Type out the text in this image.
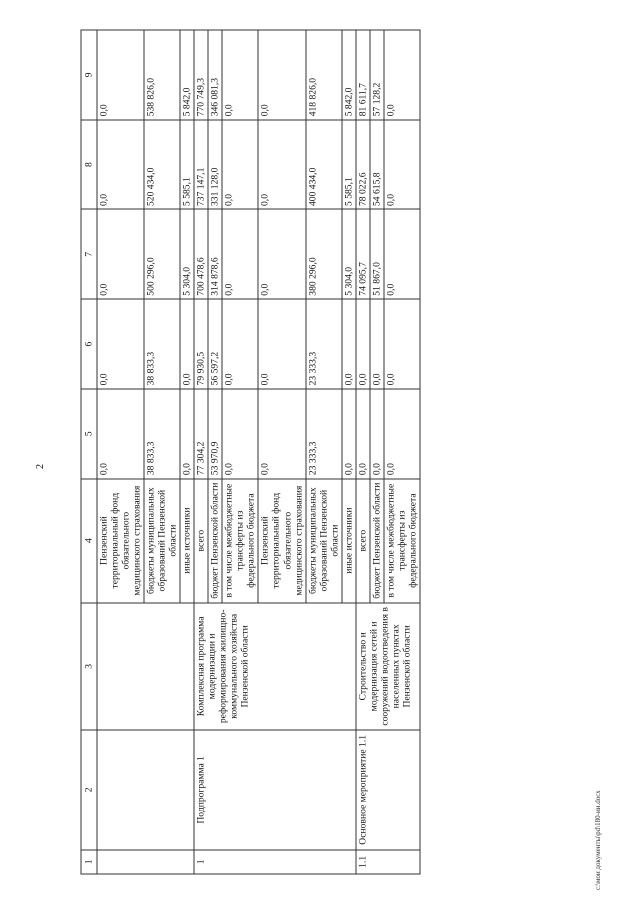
2
1	2	3	4	5	6	7	8	9
			Пензенский территориальный фонд обязательного медицинского страхования	0,0	0,0	0,0	0,0	0,0
			бюджеты муниципальных образований Пензенской области	38 833,3	38 833,3	500 296,0	520 434,0	538 826,0
			иные источники	0,0	0,0	5 304,0	5 585,1	5 842,0
1	Подпрограмма 1	Комплексная программа модернизации и реформирования жилищно-коммунального хозяйства Пензенской области	всего	77 304,2	79 930,5	700 478,6	737 147,1	770 749,3
			бюджет Пензенской области	53 970,9	56 597,2	314 878,6	331 128,0	346 081,3
			в том числе межбюджетные трансферты из федерального бюджета	0,0	0,0	0,0	0,0	0,0
			Пензенский территориальный фонд обязательного медицинского страхования	0,0	0,0	0,0	0,0	0,0
			бюджеты муниципальных образований Пензенской области	23 333,3	23 333,3	380 296,0	400 434,0	418 826,0
			иные источники	0,0	0,0	5 304,0	5 585,1	5 842,0
1.1	Основное мероприятие 1.1	Строительство и модернизация сетей и сооружений водоотведения в населенных пунктах Пензенской области	всего	0,0	0,0	74 095,7	78 022,6	81 611,7
			бюджет Пензенской области	0,0	0,0	51 867,0	54 615,8	57 128,2
			в том числе межбюджетные трансферты из федерального бюджета	0,0	0,0	0,0	0,0	0,0
c:\мои документы\pd\180-ии.docx
